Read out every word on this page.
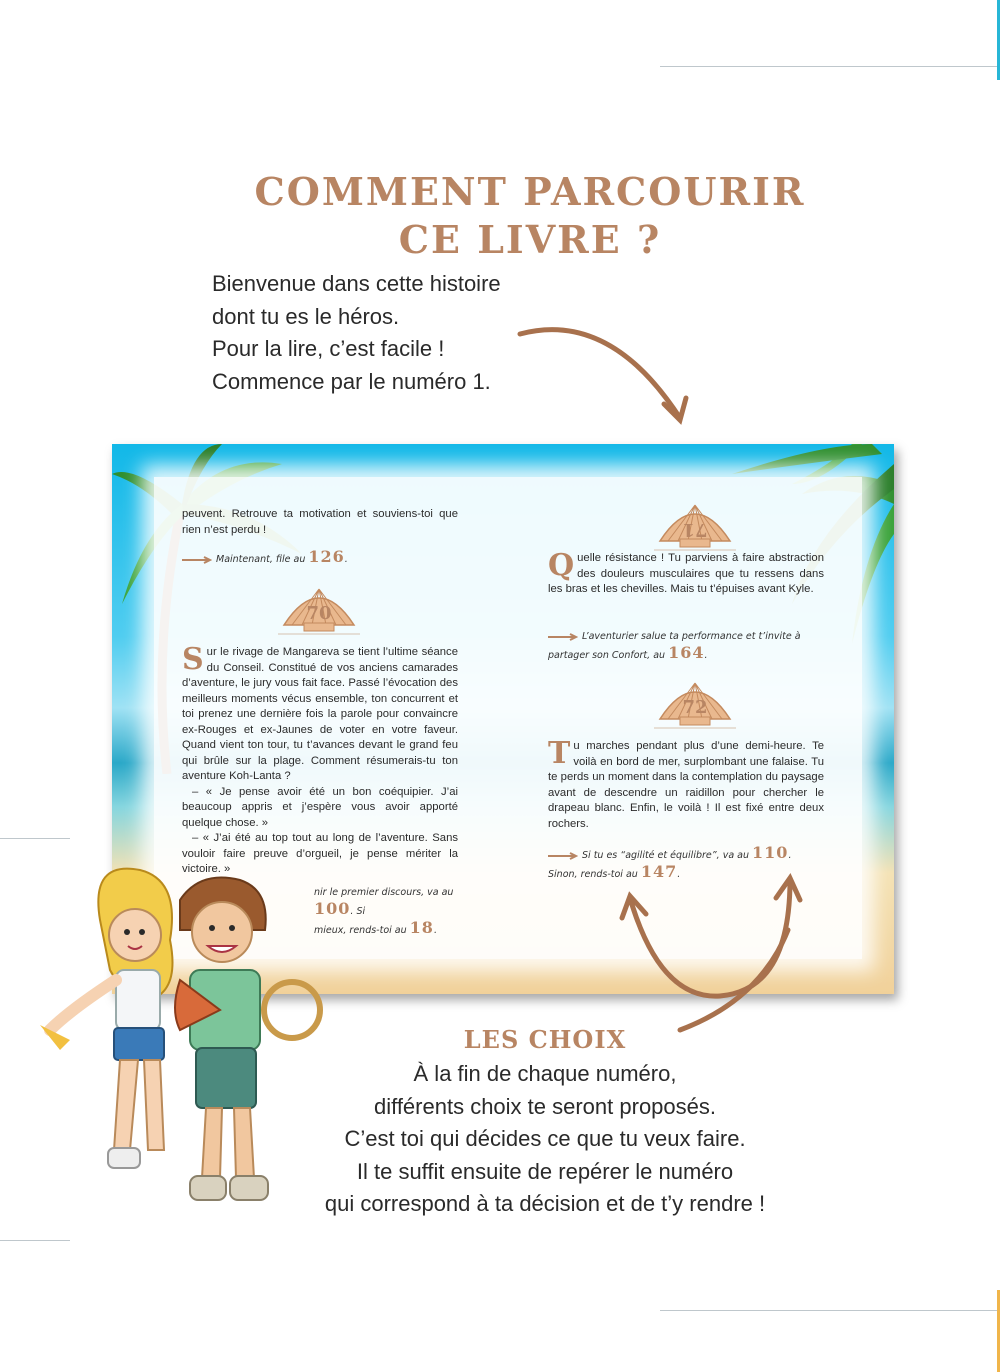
COMMENT PARCOURIR
CE LIVRE ?
Bienvenue dans cette histoire
dont tu es le héros.
Pour la lire, c’est facile !
Commence par le numéro 1.

peuvent. Retrouve ta motivation et souviens-toi que rien n’est perdu !

Maintenant, file au 126.
70

Sur le rivage de Mangareva se tient l’ultime séance du Conseil. Constitué de vos anciens camarades d’aventure, le jury vous fait face. Passé l’évocation des meilleurs moments vécus ensemble, ton concurrent et toi prenez une dernière fois la parole pour convaincre ex-Rouges et ex-Jaunes de voter en votre faveur. Quand vient ton tour, tu t’avances devant le grand feu qui brûle sur la plage. Comment résumerais-tu ton aventure Koh-Lanta ?

– « Je pense avoir été un bon coéquipier. J’ai beaucoup appris et j’espère vous avoir apporté quelque chose. »

– « J’ai été au top tout au long de l’aventure. Sans vouloir faire preuve d’orgueil, je pense mériter la victoire. »

nir le premier discours, va au 100. Si
mieux, rends-toi au 18.
71

Quelle résistance ! Tu parviens à faire abstraction des douleurs musculaires que tu ressens dans les bras et les chevilles. Mais tu t’épuises avant Kyle.

L’aventurier salue ta performance et t’invite à partager son Confort, au 164.
72

Tu marches pendant plus d’une demi-heure. Te voilà en bord de mer, surplombant une falaise. Tu te perds un moment dans la contemplation du paysage avant de descendre un raidillon pour chercher le drapeau blanc. Enfin, le voilà ! Il est fixé entre deux rochers.

Si tu es “agilité et équilibre”, va au 110. Sinon, rends-toi au 147.
LES CHOIX
À la fin de chaque numéro,
différents choix te seront proposés.
C’est toi qui décides ce que tu veux faire.
Il te suffit ensuite de repérer le numéro
qui correspond à ta décision et de t’y rendre !
